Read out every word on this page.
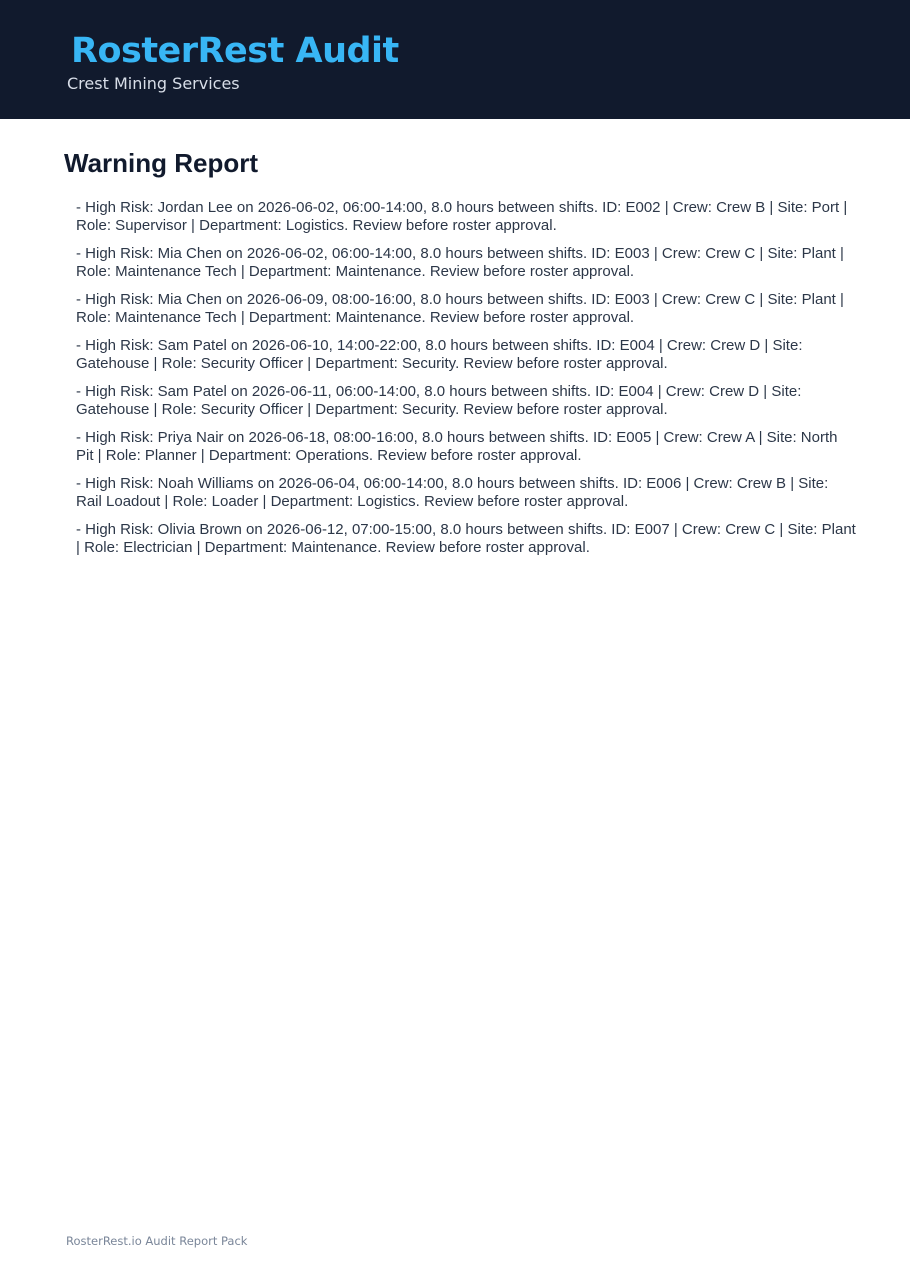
RosterRest Audit
Crest Mining Services
Warning Report
- High Risk: Jordan Lee on 2026-06-02, 06:00-14:00, 8.0 hours between shifts. ID: E002 | Crew: Crew B | Site: Port | Role: Supervisor | Department: Logistics. Review before roster approval.
- High Risk: Mia Chen on 2026-06-02, 06:00-14:00, 8.0 hours between shifts. ID: E003 | Crew: Crew C | Site: Plant | Role: Maintenance Tech | Department: Maintenance. Review before roster approval.
- High Risk: Mia Chen on 2026-06-09, 08:00-16:00, 8.0 hours between shifts. ID: E003 | Crew: Crew C | Site: Plant | Role: Maintenance Tech | Department: Maintenance. Review before roster approval.
- High Risk: Sam Patel on 2026-06-10, 14:00-22:00, 8.0 hours between shifts. ID: E004 | Crew: Crew D | Site: Gatehouse | Role: Security Officer | Department: Security. Review before roster approval.
- High Risk: Sam Patel on 2026-06-11, 06:00-14:00, 8.0 hours between shifts. ID: E004 | Crew: Crew D | Site: Gatehouse | Role: Security Officer | Department: Security. Review before roster approval.
- High Risk: Priya Nair on 2026-06-18, 08:00-16:00, 8.0 hours between shifts. ID: E005 | Crew: Crew A | Site: North Pit | Role: Planner | Department: Operations. Review before roster approval.
- High Risk: Noah Williams on 2026-06-04, 06:00-14:00, 8.0 hours between shifts. ID: E006 | Crew: Crew B | Site: Rail Loadout | Role: Loader | Department: Logistics. Review before roster approval.
- High Risk: Olivia Brown on 2026-06-12, 07:00-15:00, 8.0 hours between shifts. ID: E007 | Crew: Crew C | Site: Plant | Role: Electrician | Department: Maintenance. Review before roster approval.
RosterRest.io Audit Report Pack
